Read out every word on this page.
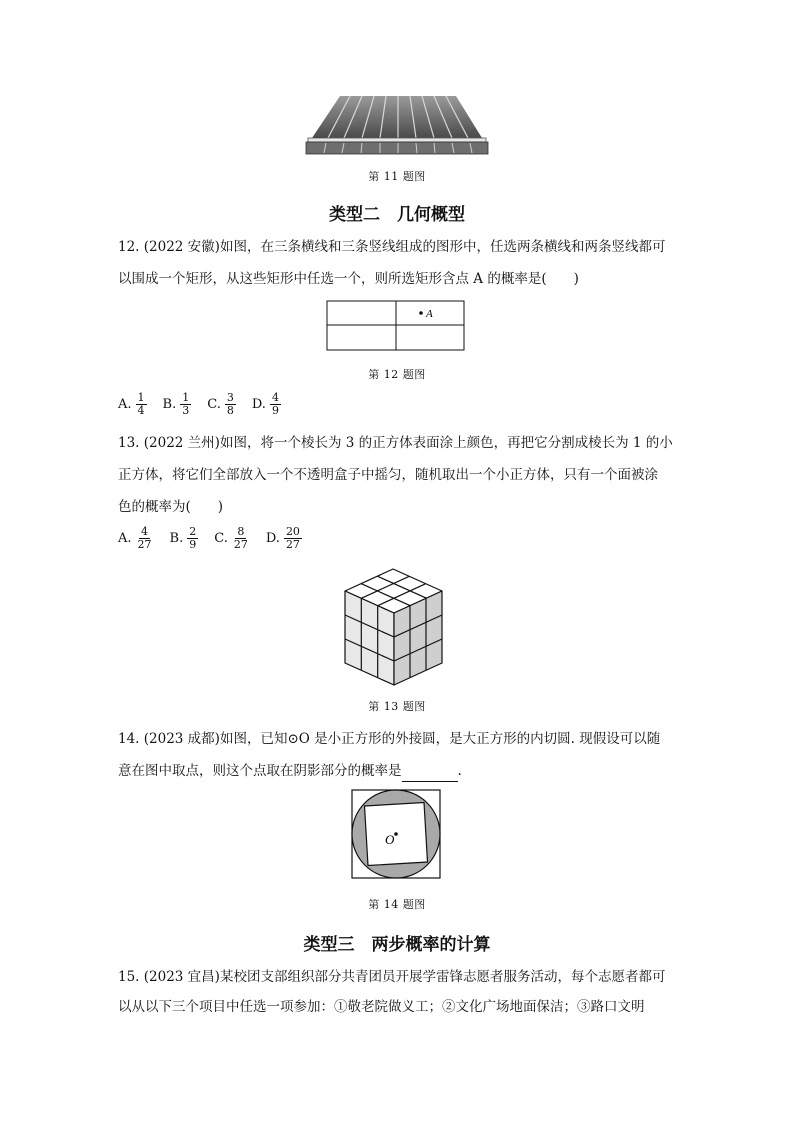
第 11 题图
类型二　几何概型
12. (2022 安徽)如图，在三条横线和三条竖线组成的图形中，任选两条横线和两条竖线都可
以围成一个矩形，从这些矩形中任选一个，则所选矩形含点 A 的概率是(　　)
A
第 12 题图
A. $\frac{1}{4} B$. $\frac{1}{3} C$. $\frac{3}{8} D$. $\frac{4}{9}$
13. (2022 兰州)如图，将一个棱长为 3 的正方体表面涂上颜色，再把它分割成棱长为 1 的小
正方体，将它们全部放入一个不透明盒子中摇匀，随机取出一个小正方体，只有一个面被涂
色的概率为(　　)
A. $\frac{4}{27} B$. $\frac{2}{9} C$. $\frac{8}{27} D$. $\frac{20}{27}$
第 13 题图
14. (2023 成都)如图，已知⊙O 是小正方形的外接圆，是大正方形的内切圆. 现假设可以随
意在图中取点，则这个点取在阴影部分的概率是	.
O
第 14 题图
类型三　两步概率的计算
15. (2023 宜昌)某校团支部组织部分共青团员开展学雷锋志愿者服务活动，每个志愿者都可
以从以下三个项目中任选一项参加：①敬老院做义工；②文化广场地面保洁；③路口文明
